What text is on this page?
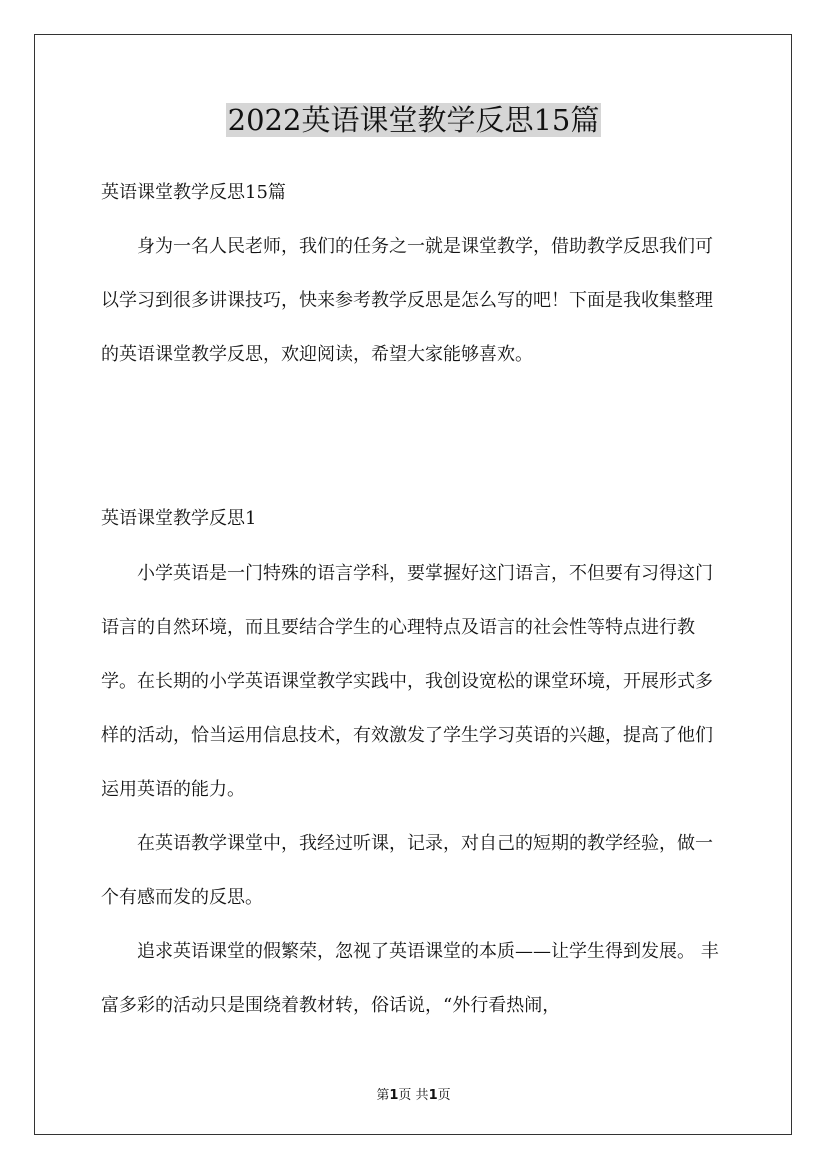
2022英语课堂教学反思15篇

英语课堂教学反思15篇

身为一名人民老师，我们的任务之一就是课堂教学，借助教学反思我们可以学习到很多讲课技巧，快来参考教学反思是怎么写的吧！下面是我收集整理的英语课堂教学反思，欢迎阅读，希望大家能够喜欢。

英语课堂教学反思1

小学英语是一门特殊的语言学科，要掌握好这门语言，不但要有习得这门语言的自然环境，而且要结合学生的心理特点及语言的社会性等特点进行教学。在长期的小学英语课堂教学实践中，我创设宽松的课堂环境，开展形式多样的活动，恰当运用信息技术，有效激发了学生学习英语的兴趣，提高了他们运用英语的能力。

在英语教学课堂中，我经过听课，记录，对自己的短期的教学经验，做一个有感而发的反思。

追求英语课堂的假繁荣，忽视了英语课堂的本质——让学生得到发展。 丰富多彩的活动只是围绕着教材转，俗话说，“外行看热闹，

第1页 共1页
